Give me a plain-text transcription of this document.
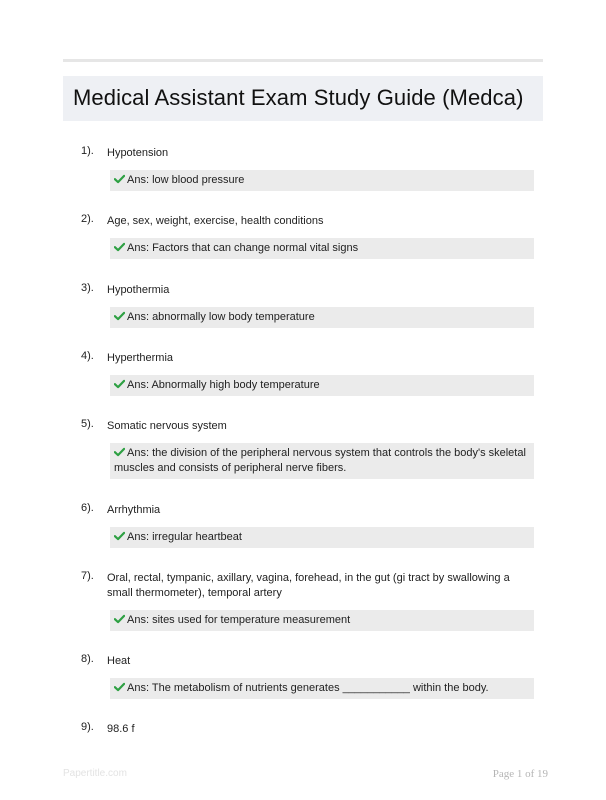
Medical Assistant Exam Study Guide (Medca)
1). Hypotension
Ans: low blood pressure
2). Age, sex, weight, exercise, health conditions
Ans: Factors that can change normal vital signs
3). Hypothermia
Ans: abnormally low body temperature
4). Hyperthermia
Ans: Abnormally high body temperature
5). Somatic nervous system
Ans: the division of the peripheral nervous system that controls the body's skeletal muscles and consists of peripheral nerve fibers.
6). Arrhythmia
Ans: irregular heartbeat
7). Oral, rectal, tympanic, axillary, vagina, forehead, in the gut (gi tract by swallowing a small thermometer), temporal artery
Ans: sites used for temperature measurement
8). Heat
Ans: The metabolism of nutrients generates ___________ within the body.
9). 98.6 f
Papertitle.com	Page 1 of 19
